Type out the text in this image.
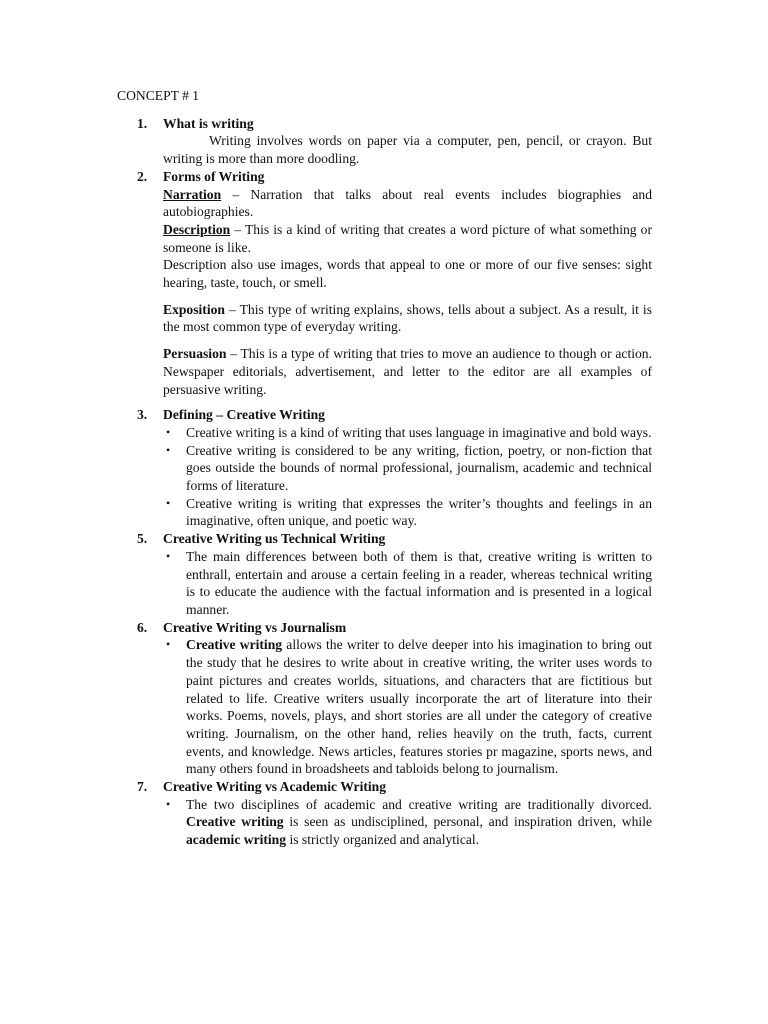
CONCEPT # 1
1. What is writing
Writing involves words on paper via a computer, pen, pencil, or crayon. But writing is more than more doodling.
2. Forms of Writing
Narration – Narration that talks about real events includes biographies and autobiographies.
Description – This is a kind of writing that creates a word picture of what something or someone is like.
Description also use images, words that appeal to one or more of our five senses: sight hearing, taste, touch, or smell.
Exposition – This type of writing explains, shows, tells about a subject. As a result, it is the most common type of everyday writing.
Persuasion – This is a type of writing that tries to move an audience to though or action. Newspaper editorials, advertisement, and letter to the editor are all examples of persuasive writing.
3. Defining – Creative Writing
• Creative writing is a kind of writing that uses language in imaginative and bold ways.
• Creative writing is considered to be any writing, fiction, poetry, or non-fiction that goes outside the bounds of normal professional, journalism, academic and technical forms of literature.
• Creative writing is writing that expresses the writer’s thoughts and feelings in an imaginative, often unique, and poetic way.
5. Creative Writing us Technical Writing
• The main differences between both of them is that, creative writing is written to enthrall, entertain and arouse a certain feeling in a reader, whereas technical writing is to educate the audience with the factual information and is presented in a logical manner.
6. Creative Writing vs Journalism
• Creative writing allows the writer to delve deeper into his imagination to bring out the study that he desires to write about in creative writing, the writer uses words to paint pictures and creates worlds, situations, and characters that are fictitious but related to life. Creative writers usually incorporate the art of literature into their works. Poems, novels, plays, and short stories are all under the category of creative writing. Journalism, on the other hand, relies heavily on the truth, facts, current events, and knowledge. News articles, features stories pr magazine, sports news, and many others found in broadsheets and tabloids belong to journalism.
7. Creative Writing vs Academic Writing
• The two disciplines of academic and creative writing are traditionally divorced. Creative writing is seen as undisciplined, personal, and inspiration driven, while academic writing is strictly organized and analytical.
